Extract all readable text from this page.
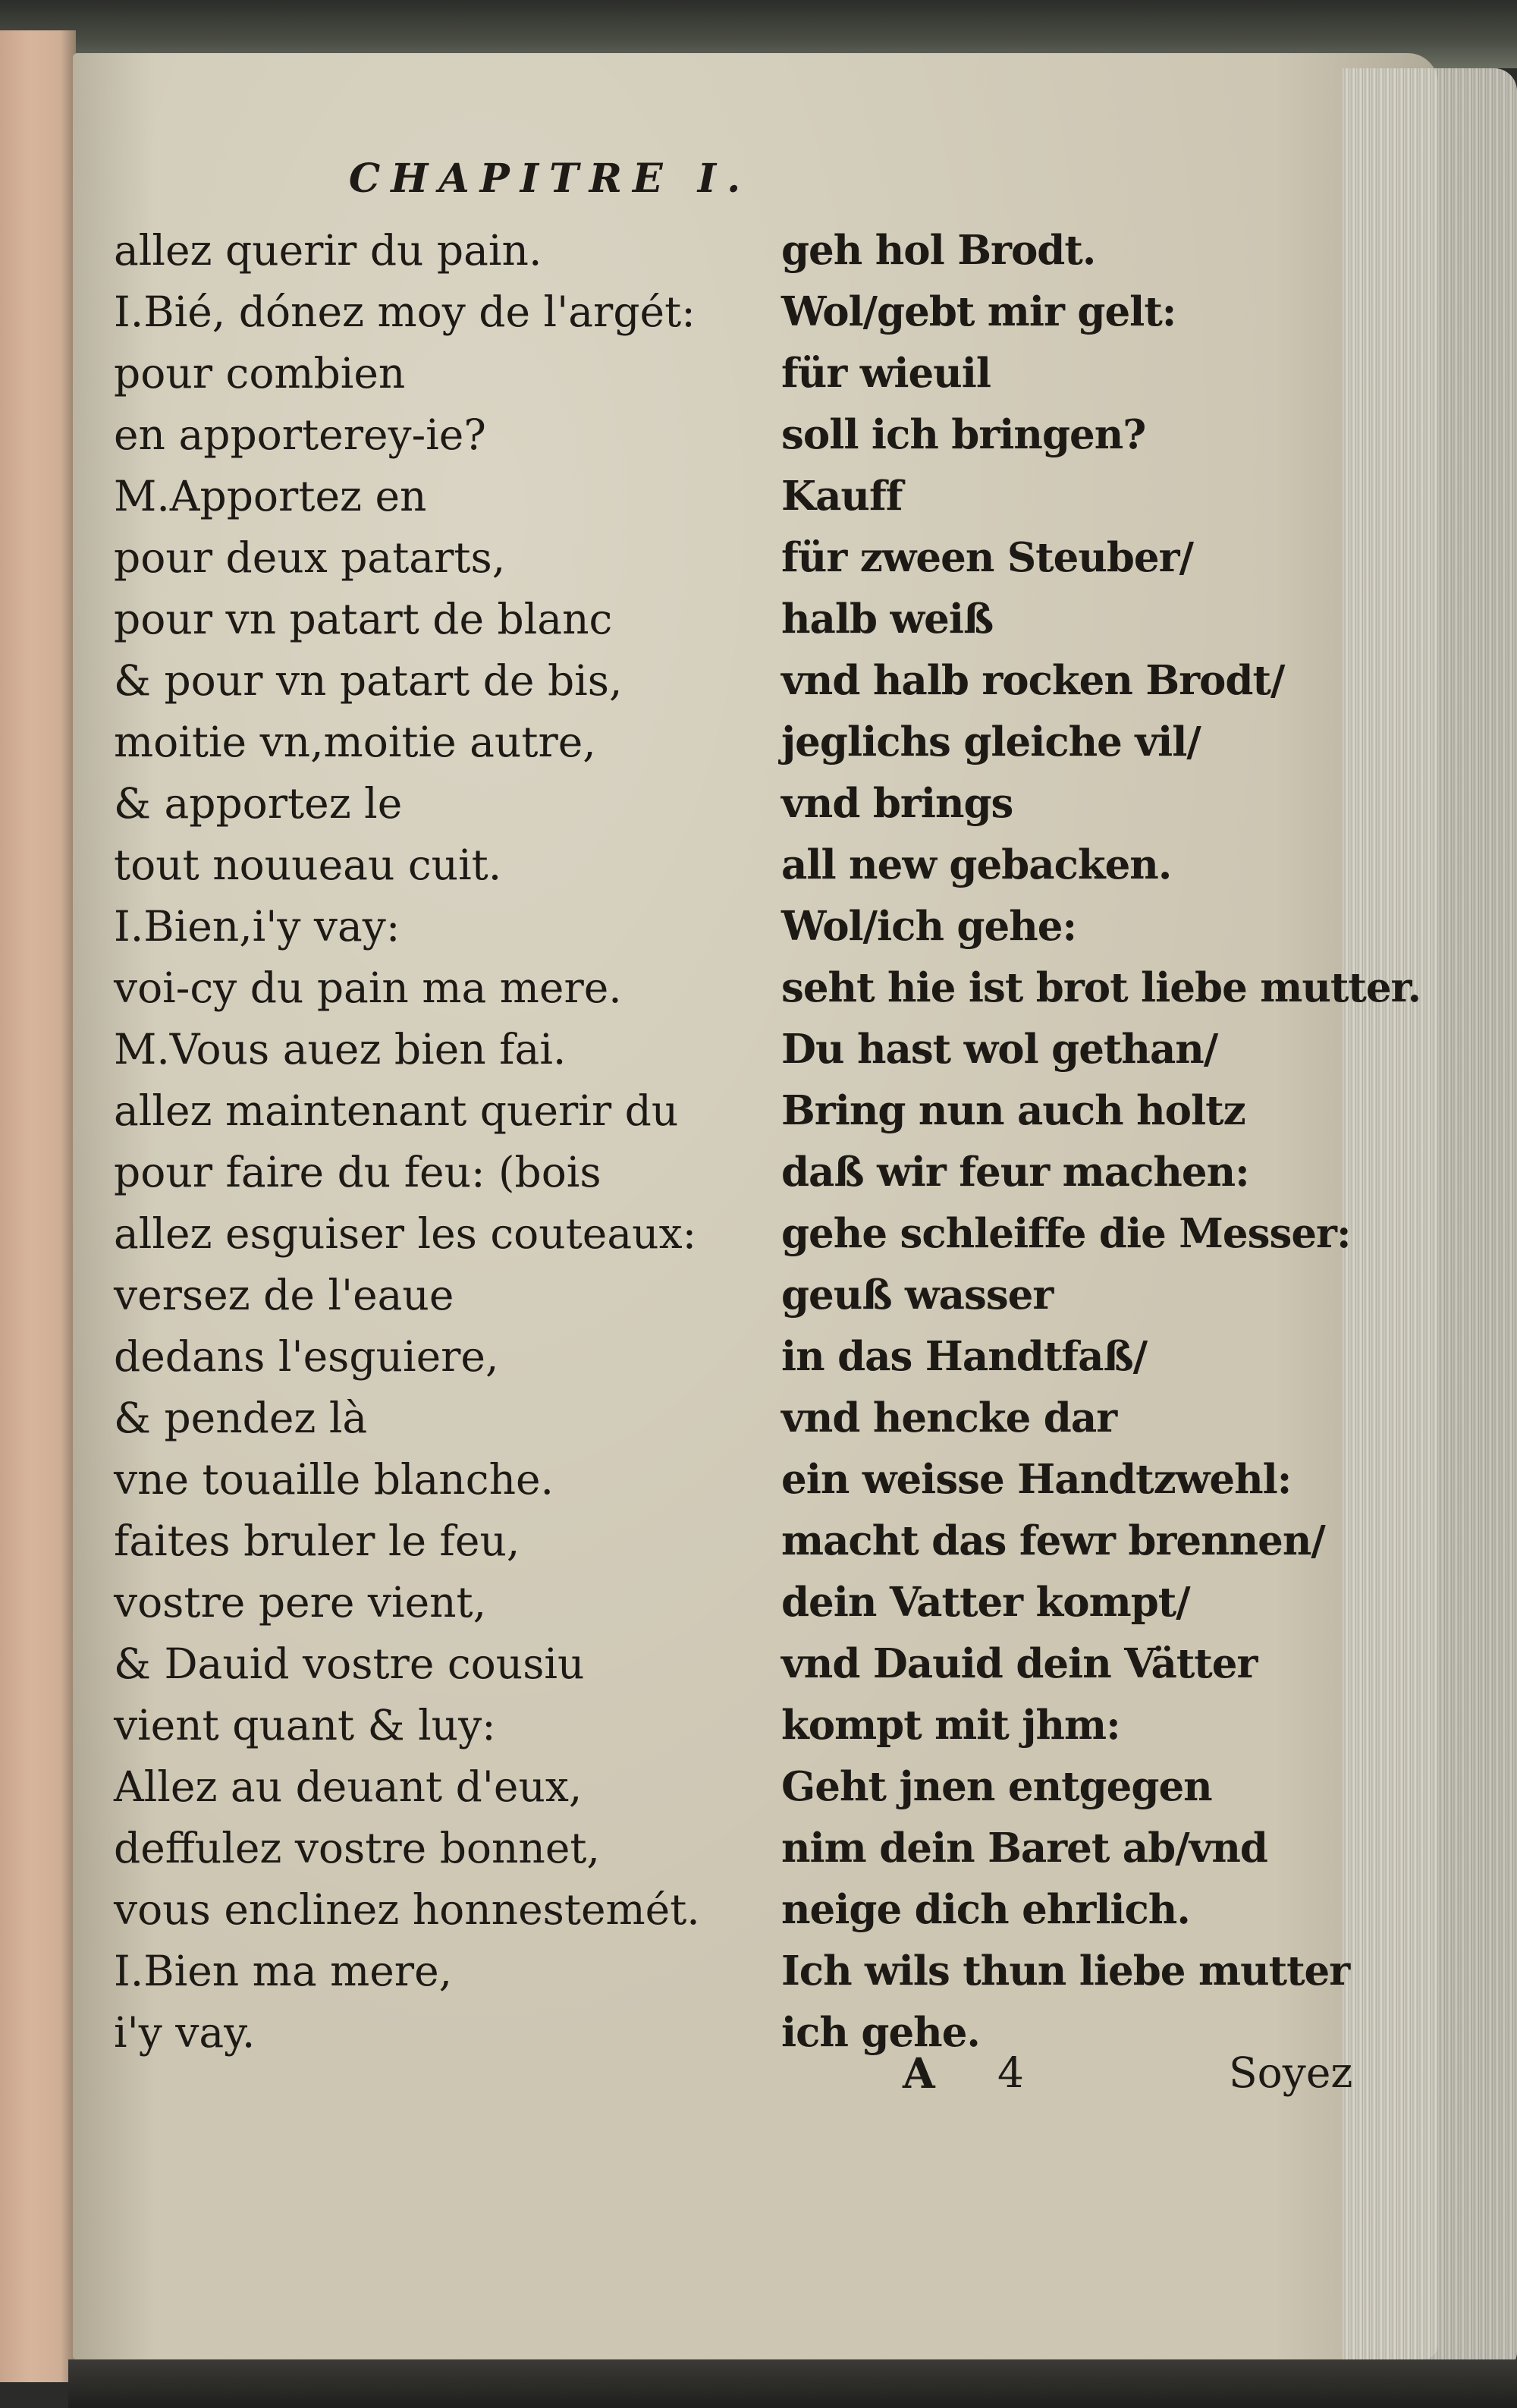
CHAPITRE I.
allez querir du pain.
I.Bié, dónez moy de l'argét:
pour combien
en apporterey-ie?
M.Apportez en
pour deux patarts,
pour vn patart de blanc
& pour vn patart de bis,
moitie vn,moitie autre,
& apportez le
tout nouueau cuit.
I.Bien,i'y vay:
voi-cy du pain ma mere.
M.Vous auez bien fai.
allez maintenant querir du
pour faire du feu: (bois
allez esguiser les couteaux:
versez de l'eaue
dedans l'esguiere,
& pendez là
vne touaille blanche.
faites bruler le feu,
vostre pere vient,
& Dauid vostre cousiu
vient quant & luy:
Allez au deuant d'eux,
deffulez vostre bonnet,
vous enclinez honnestemét.
I.Bien ma mere,
i'y vay.
geh hol Brodt.
Wol/gebt mir gelt:
für wieuil
soll ich bringen?
Kauff
für zween Steuber/
halb weiß
vnd halb rocken Brodt/
jeglichs gleiche vil/
vnd brings
all new gebacken.
Wol/ich gehe:
seht hie ist brot liebe mutter.
Du hast wol gethan/
Bring nun auch holtz
daß wir feur machen:
gehe schleiffe die Messer:
geuß wasser
in das Handtfaß/
vnd hencke dar
ein weisse Handtzwehl:
macht das fewr brennen/
dein Vatter kompt/
vnd Dauid dein Vätter
kompt mit jhm:
Geht jnen entgegen
nim dein Baret ab/vnd
neige dich ehrlich.
Ich wils thun liebe mutter
ich gehe.
A 4	Soyez
